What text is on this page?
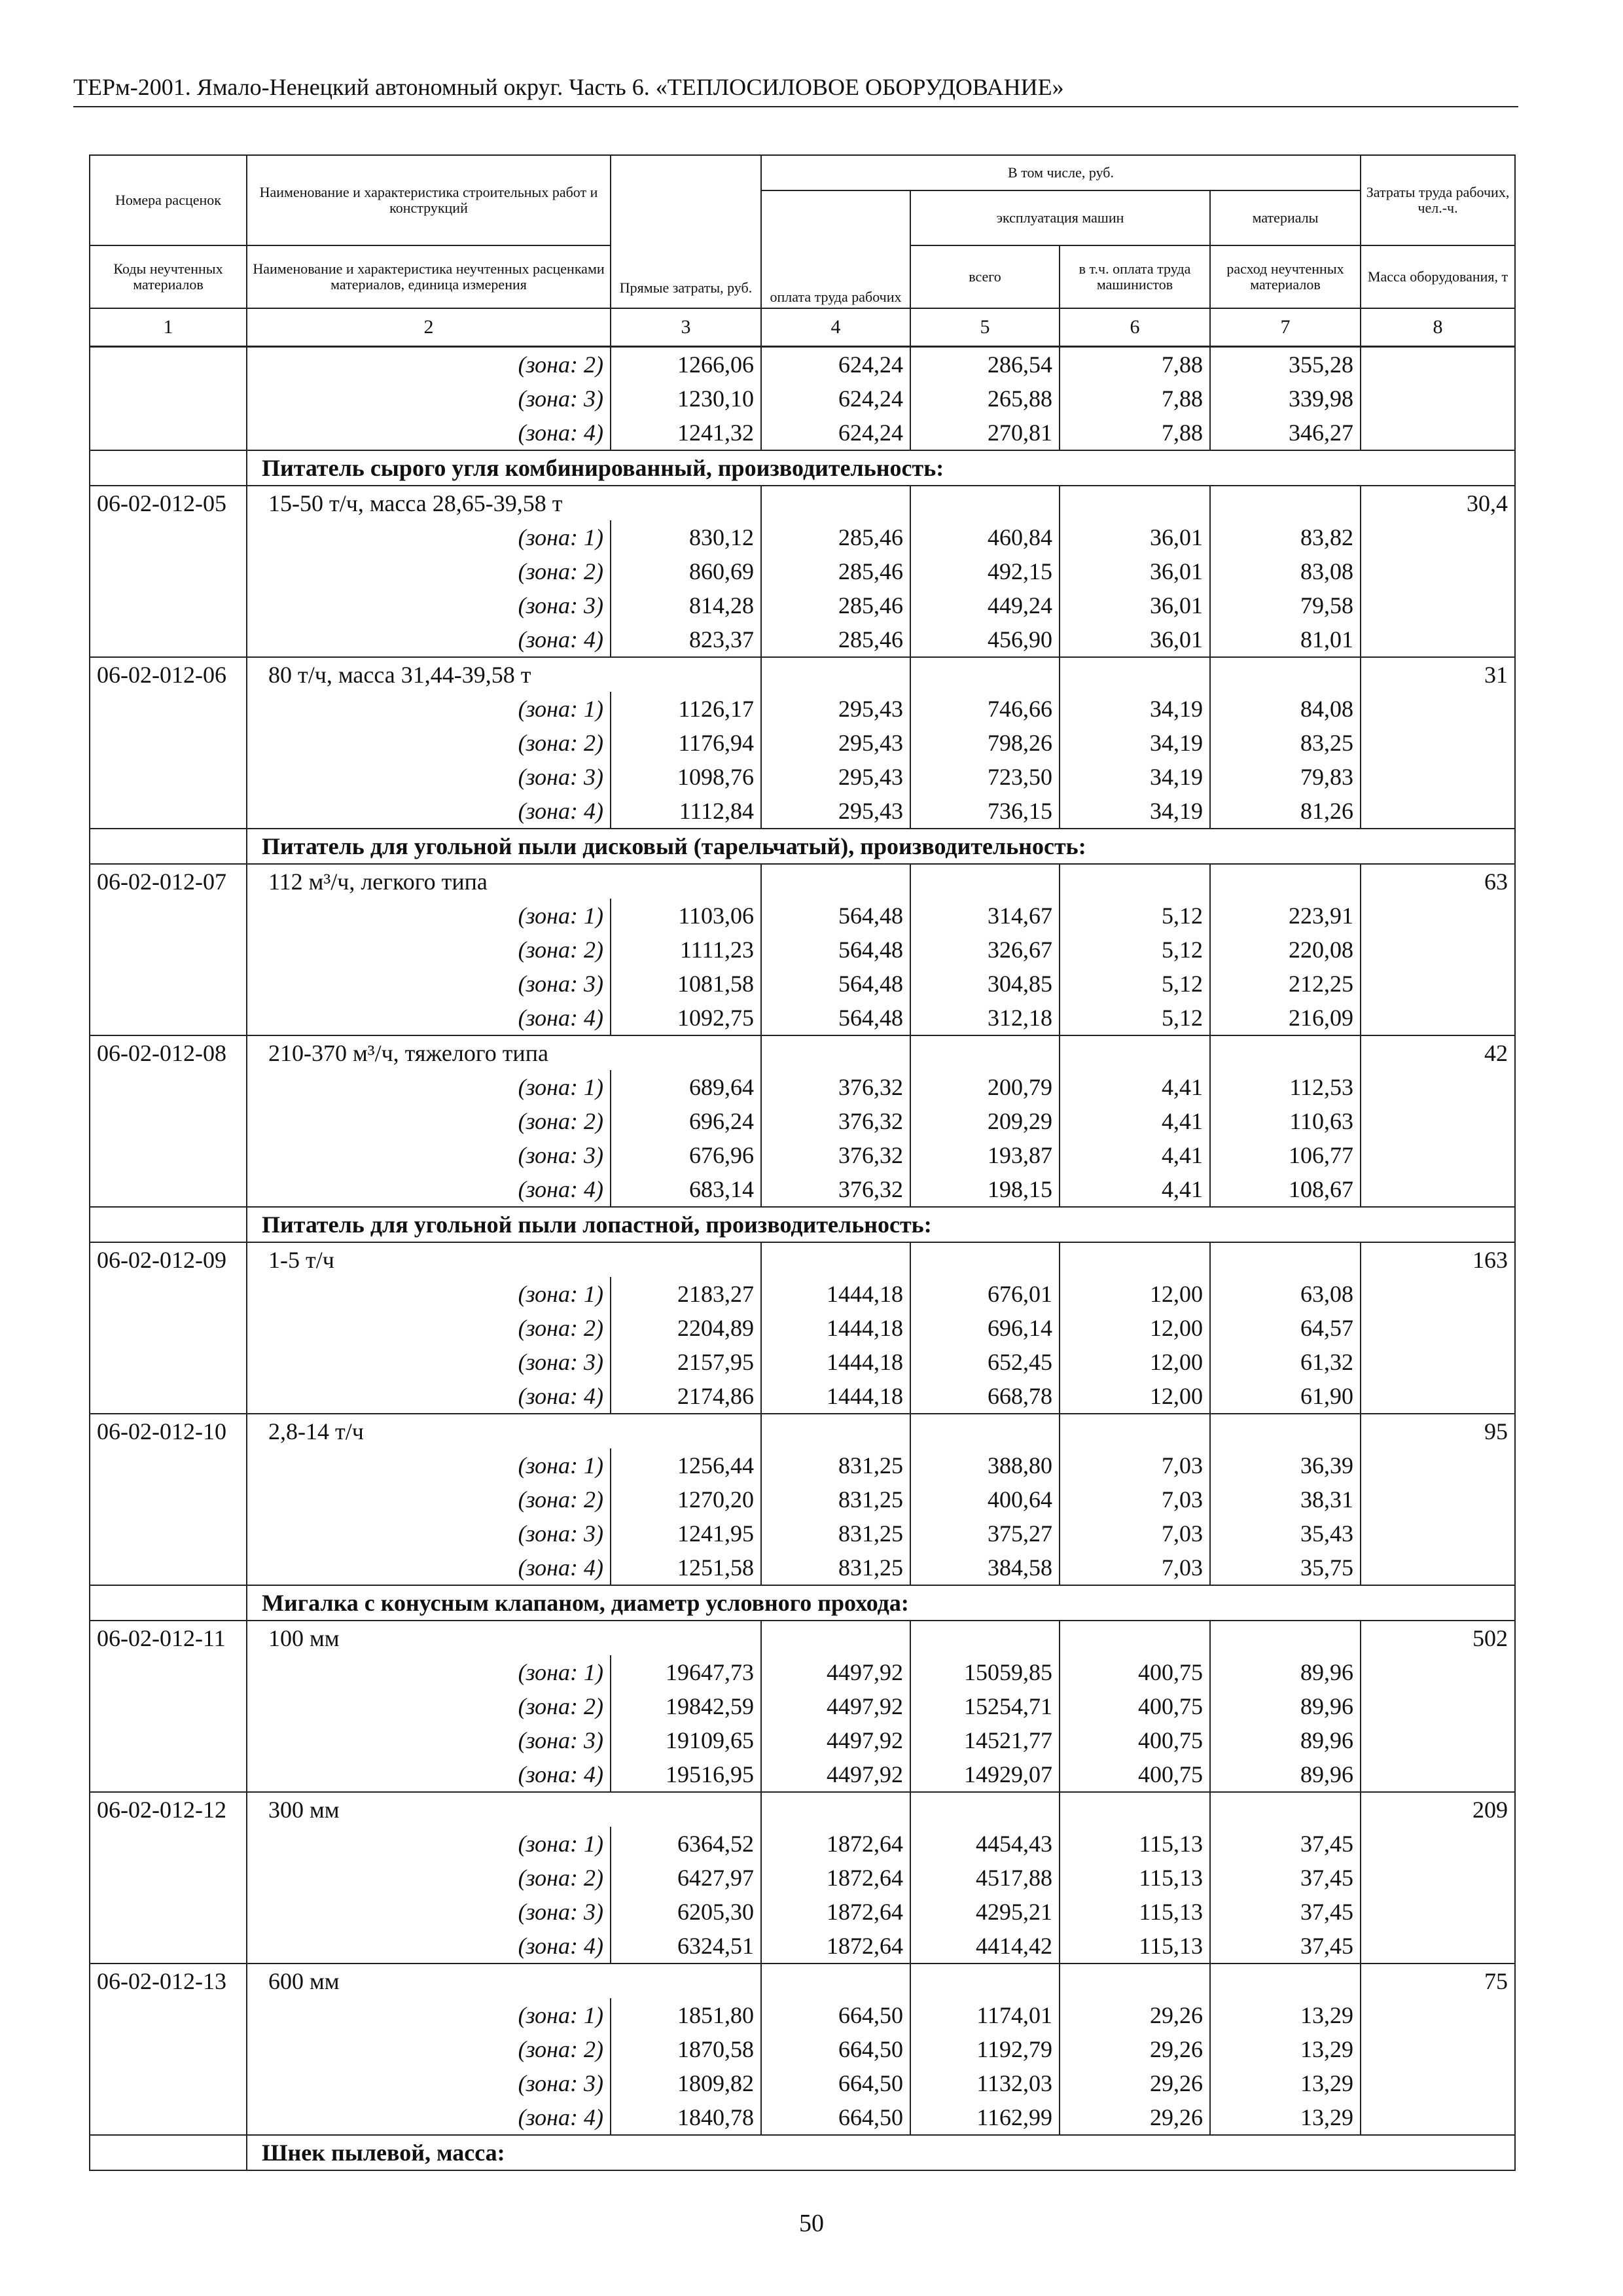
ТЕРм-2001. Ямало-Ненецкий автономный округ. Часть 6. «ТЕПЛОСИЛОВОЕ ОБОРУДОВАНИЕ»
Номера расценок	Наименование и характеристика строительных работ и конструкций	Прямые затраты, руб.	В том числе, руб.				Затраты труда рабочих, чел.-ч.

			оплата труда рабочих	эксплуатация машин		материалы	
Коды неучтенных материалов	Наименование и характеристика неучтенных расценками материалов, единица измерения			всего	в т.ч. оплата труда машинистов	расход неучтенных материалов	Масса оборудования, т

1	2	3	4	5	6	7	8
	(зона: 2)	1266,06	624,24	286,54	7,88	355,28	
	(зона: 3)	1230,10	624,24	265,88	7,88	339,98	
	(зона: 4)	1241,32	624,24	270,81	7,88	346,27	
	Питатель сырого угля комбинированный, производительность:						
06-02-012-05	15-50 т/ч, масса 28,65-39,58 т						30,4
	(зона: 1)	830,12	285,46	460,84	36,01	83,82	
	(зона: 2)	860,69	285,46	492,15	36,01	83,08	
	(зона: 3)	814,28	285,46	449,24	36,01	79,58	
	(зона: 4)	823,37	285,46	456,90	36,01	81,01	
06-02-012-06	80 т/ч, масса 31,44-39,58 т						31
	(зона: 1)	1126,17	295,43	746,66	34,19	84,08	
	(зона: 2)	1176,94	295,43	798,26	34,19	83,25	
	(зона: 3)	1098,76	295,43	723,50	34,19	79,83	
	(зона: 4)	1112,84	295,43	736,15	34,19	81,26	
	Питатель для угольной пыли дисковый (тарельчатый), производительность:						
06-02-012-07	112 м³/ч, легкого типа						63
	(зона: 1)	1103,06	564,48	314,67	5,12	223,91	
	(зона: 2)	1111,23	564,48	326,67	5,12	220,08	
	(зона: 3)	1081,58	564,48	304,85	5,12	212,25	
	(зона: 4)	1092,75	564,48	312,18	5,12	216,09	
06-02-012-08	210-370 м³/ч, тяжелого типа						42
	(зона: 1)	689,64	376,32	200,79	4,41	112,53	
	(зона: 2)	696,24	376,32	209,29	4,41	110,63	
	(зона: 3)	676,96	376,32	193,87	4,41	106,77	
	(зона: 4)	683,14	376,32	198,15	4,41	108,67	
	Питатель для угольной пыли лопастной, производительность:						
06-02-012-09	1-5 т/ч						163
	(зона: 1)	2183,27	1444,18	676,01	12,00	63,08	
	(зона: 2)	2204,89	1444,18	696,14	12,00	64,57	
	(зона: 3)	2157,95	1444,18	652,45	12,00	61,32	
	(зона: 4)	2174,86	1444,18	668,78	12,00	61,90	
06-02-012-10	2,8-14 т/ч						95
	(зона: 1)	1256,44	831,25	388,80	7,03	36,39	
	(зона: 2)	1270,20	831,25	400,64	7,03	38,31	
	(зона: 3)	1241,95	831,25	375,27	7,03	35,43	
	(зона: 4)	1251,58	831,25	384,58	7,03	35,75	
	Мигалка с конусным клапаном, диаметр условного прохода:						
06-02-012-11	100 мм						502
	(зона: 1)	19647,73	4497,92	15059,85	400,75	89,96	
	(зона: 2)	19842,59	4497,92	15254,71	400,75	89,96	
	(зона: 3)	19109,65	4497,92	14521,77	400,75	89,96	
	(зона: 4)	19516,95	4497,92	14929,07	400,75	89,96	
06-02-012-12	300 мм						209
	(зона: 1)	6364,52	1872,64	4454,43	115,13	37,45	
	(зона: 2)	6427,97	1872,64	4517,88	115,13	37,45	
	(зона: 3)	6205,30	1872,64	4295,21	115,13	37,45	
	(зона: 4)	6324,51	1872,64	4414,42	115,13	37,45	
06-02-012-13	600 мм						75
	(зона: 1)	1851,80	664,50	1174,01	29,26	13,29	
	(зона: 2)	1870,58	664,50	1192,79	29,26	13,29	
	(зона: 3)	1809,82	664,50	1132,03	29,26	13,29	
	(зона: 4)	1840,78	664,50	1162,99	29,26	13,29	
	Шнек пылевой, масса:						
50
